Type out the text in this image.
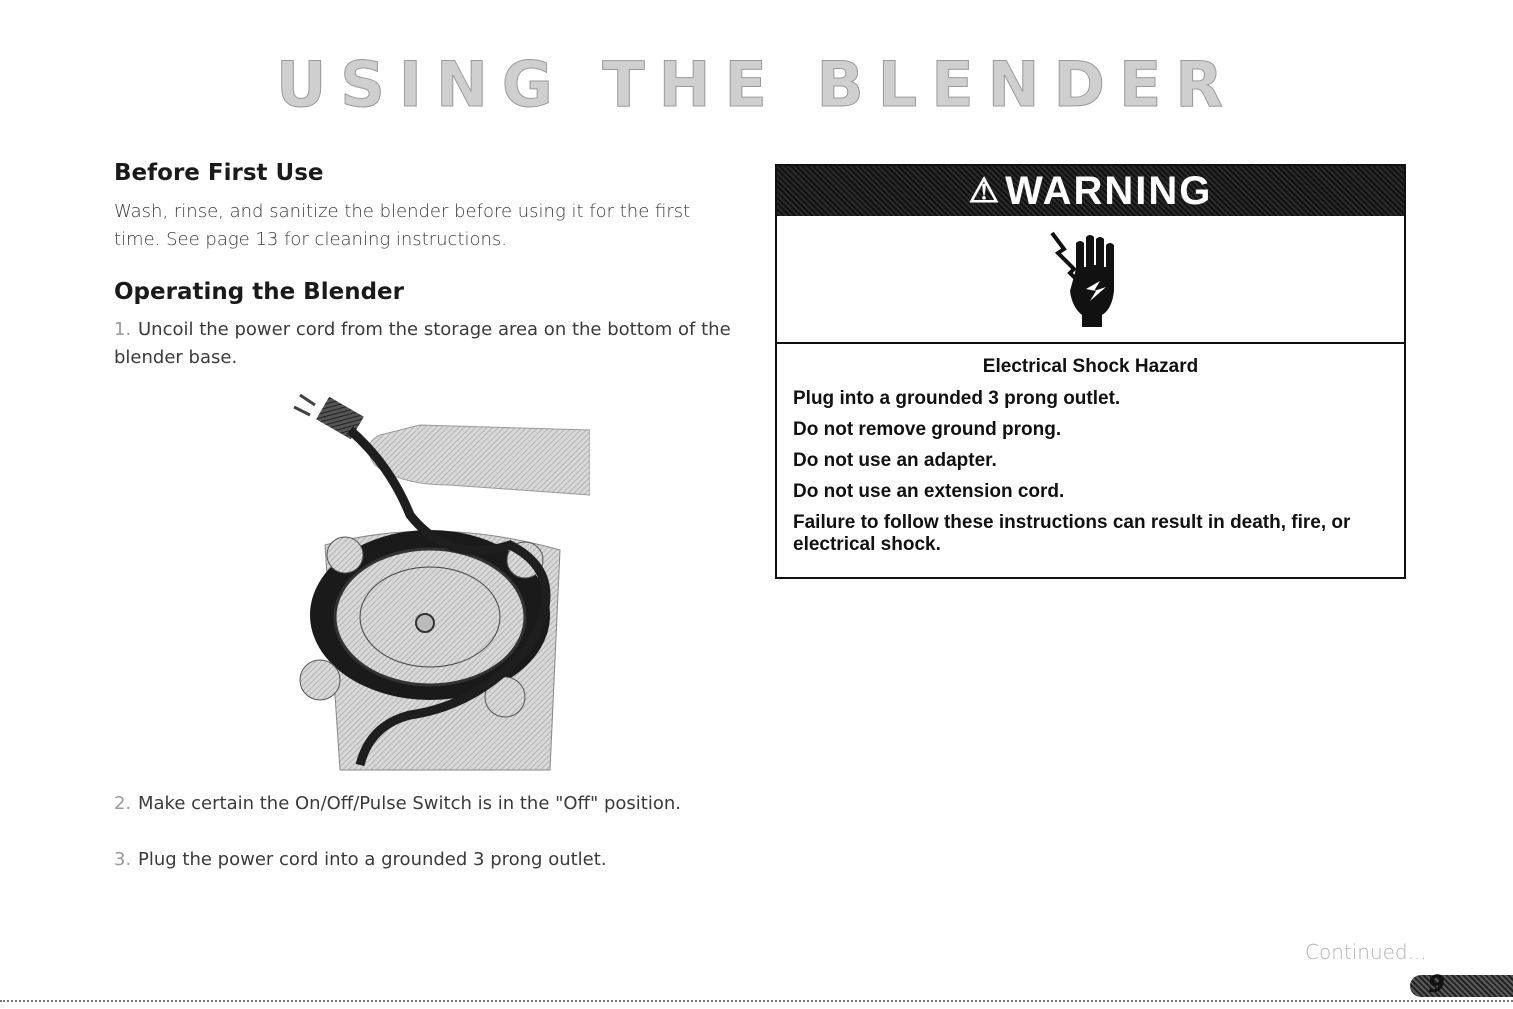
USING THE BLENDER
Before First Use
Wash, rinse, and sanitize the blender before using it for the first time. See page 13 for cleaning instructions.
Operating the Blender
1. Uncoil the power cord from the storage area on the bottom of the blender base.
2. Make certain the On/Off/Pulse Switch is in the "Off" position.
3. Plug the power cord into a grounded 3 prong outlet.
⚠ WARNING
Electrical Shock Hazard
Plug into a grounded 3 prong outlet.
Do not remove ground prong.
Do not use an adapter.
Do not use an extension cord.
Failure to follow these instructions can result in death, fire, or electrical shock.
Continued...
9
